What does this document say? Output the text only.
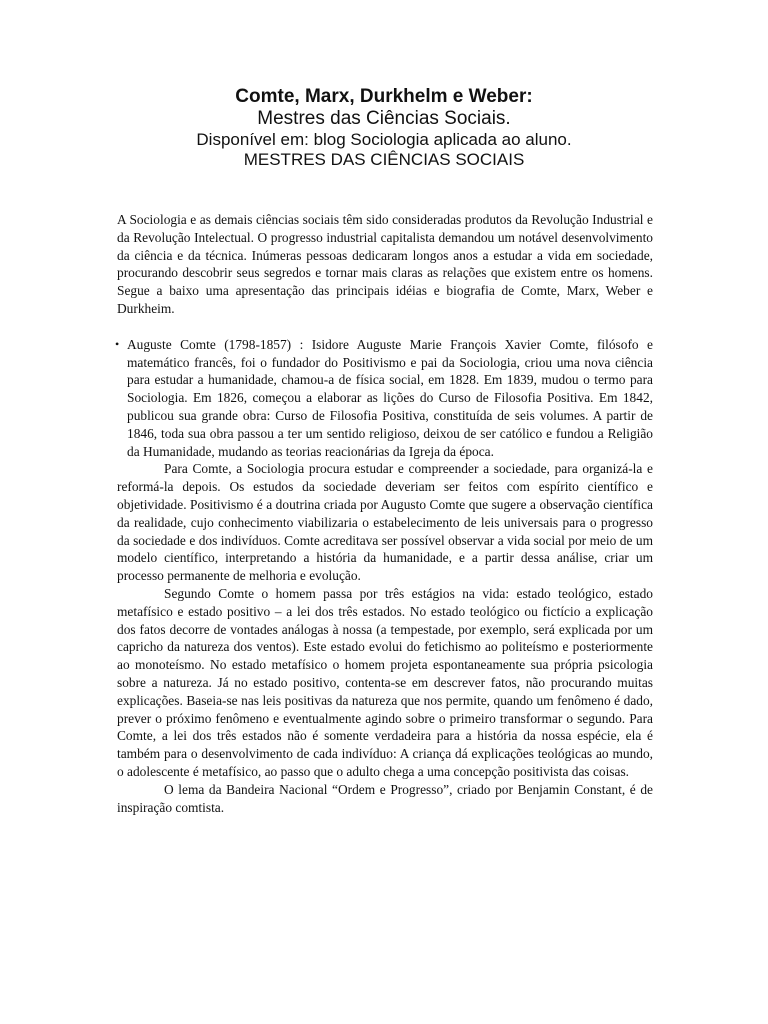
Comte, Marx, Durkhelm e Weber:
Mestres das Ciências Sociais.
Disponível em: blog Sociologia aplicada ao aluno.
MESTRES DAS CIÊNCIAS SOCIAIS

A Sociologia e as demais ciências sociais têm sido consideradas produtos da Revolução Industrial e da Revolução Intelectual. O progresso industrial capitalista demandou um notável desenvolvimento da ciência e da técnica. Inúmeras pessoas dedicaram longos anos a estudar a vida em sociedade, procurando descobrir seus segredos e tornar mais claras as relações que existem entre os homens. Segue a baixo uma apresentação das principais idéias e biografia de Comte, Marx, Weber e Durkheim.

• Auguste Comte (1798-1857) : Isidore Auguste Marie François Xavier Comte, filósofo e matemático francês, foi o fundador do Positivismo e pai da Sociologia, criou uma nova ciência para estudar a humanidade, chamou-a de física social, em 1828. Em 1839, mudou o termo para Sociologia. Em 1826, começou a elaborar as lições do Curso de Filosofia Positiva. Em 1842, publicou sua grande obra: Curso de Filosofia Positiva, constituída de seis volumes. A partir de 1846, toda sua obra passou a ter um sentido religioso, deixou de ser católico e fundou a Religião da Humanidade, mudando as teorias reacionárias da Igreja da época.

Para Comte, a Sociologia procura estudar e compreender a sociedade, para organizá-la e reformá-la depois. Os estudos da sociedade deveriam ser feitos com espírito científico e objetividade. Positivismo é a doutrina criada por Augusto Comte que sugere a observação científica da realidade, cujo conhecimento viabilizaria o estabelecimento de leis universais para o progresso da sociedade e dos indivíduos. Comte acreditava ser possível observar a vida social por meio de um modelo científico, interpretando a história da humanidade, e a partir dessa análise, criar um processo permanente de melhoria e evolução.

Segundo Comte o homem passa por três estágios na vida: estado teológico, estado metafísico e estado positivo – a lei dos três estados. No estado teológico ou fictício a explicação dos fatos decorre de vontades análogas à nossa (a tempestade, por exemplo, será explicada por um capricho da natureza dos ventos). Este estado evolui do fetichismo ao politeísmo e posteriormente ao monoteísmo. No estado metafísico o homem projeta espontaneamente sua própria psicologia sobre a natureza. Já no estado positivo, contenta-se em descrever fatos, não procurando muitas explicações. Baseia-se nas leis positivas da natureza que nos permite, quando um fenômeno é dado, prever o próximo fenômeno e eventualmente agindo sobre o primeiro transformar o segundo. Para Comte, a lei dos três estados não é somente verdadeira para a história da nossa espécie, ela é também para o desenvolvimento de cada indivíduo: A criança dá explicações teológicas ao mundo, o adolescente é metafísico, ao passo que o adulto chega a uma concepção positivista das coisas.

O lema da Bandeira Nacional “Ordem e Progresso”, criado por Benjamin Constant, é de inspiração comtista.
